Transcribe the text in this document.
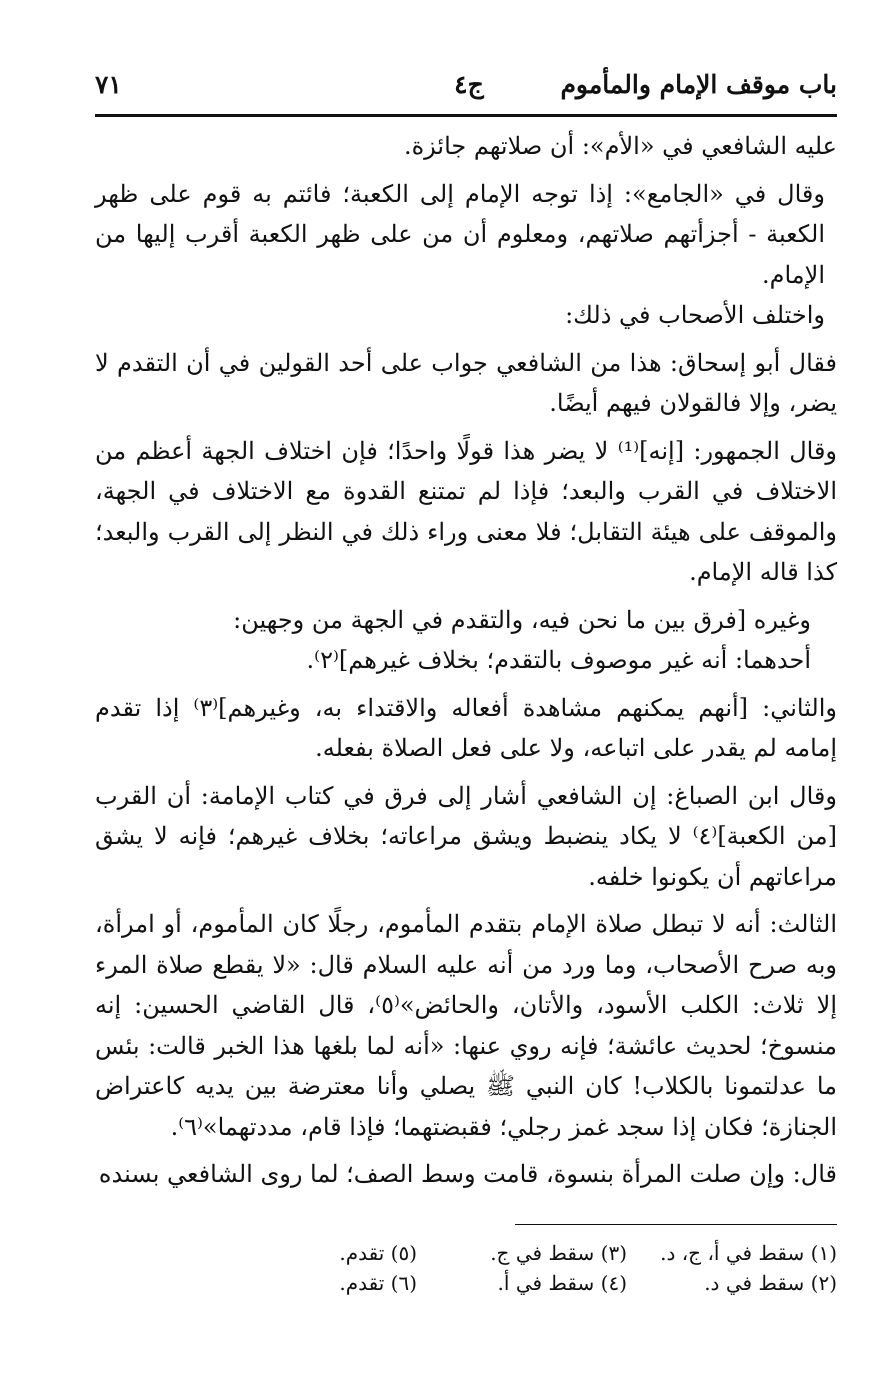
باب موقف الإمام والمأموم
ج٤
٧١

عليه الشافعي في «الأم»: أن صلاتهم جائزة.

وقال في «الجامع»: إذا توجه الإمام إلى الكعبة؛ فائتم به قوم على ظهر الكعبة - أجزأتهم صلاتهم، ومعلوم أن من على ظهر الكعبة أقرب إليها من الإمام.

واختلف الأصحاب في ذلك:

فقال أبو إسحاق: هذا من الشافعي جواب على أحد القولين في أن التقدم لا يضر، وإلا فالقولان فيهم أيضًا.

وقال الجمهور: [إنه]⁽¹⁾ لا يضر هذا قولًا واحدًا؛ فإن اختلاف الجهة أعظم من الاختلاف في القرب والبعد؛ فإذا لم تمتنع القدوة مع الاختلاف في الجهة، والموقف على هيئة التقابل؛ فلا معنى وراء ذلك في النظر إلى القرب والبعد؛ كذا قاله الإمام.

وغيره [فرق بين ما نحن فيه، والتقدم في الجهة من وجهين:

أحدهما: أنه غير موصوف بالتقدم؛ بخلاف غيرهم]⁽٢⁾.

والثاني: [أنهم يمكنهم مشاهدة أفعاله والاقتداء به، وغيرهم]⁽٣⁾ إذا تقدم إمامه لم يقدر على اتباعه، ولا على فعل الصلاة بفعله.

وقال ابن الصباغ: إن الشافعي أشار إلى فرق في كتاب الإمامة: أن القرب [من الكعبة]⁽٤⁾ لا يكاد ينضبط ويشق مراعاته؛ بخلاف غيرهم؛ فإنه لا يشق مراعاتهم أن يكونوا خلفه.

الثالث: أنه لا تبطل صلاة الإمام بتقدم المأموم، رجلًا كان المأموم، أو امرأة، وبه صرح الأصحاب، وما ورد من أنه عليه السلام قال: «لا يقطع صلاة المرء إلا ثلاث: الكلب الأسود، والأتان، والحائض»⁽٥⁾، قال القاضي الحسين: إنه منسوخ؛ لحديث عائشة؛ فإنه روي عنها: «أنه لما بلغها هذا الخبر قالت: بئس ما عدلتمونا بالكلاب! كان النبي ﷺ يصلي وأنا معترضة بين يديه كاعتراض الجنازة؛ فكان إذا سجد غمز رجلي؛ فقبضتهما؛ فإذا قام، مددتهما»⁽٦⁾.

قال: وإن صلت المرأة بنسوة، قامت وسط الصف؛ لما روى الشافعي بسنده

(١) سقط في أ، ج، د.
(٣) سقط في ج.
(٥) تقدم.
(٢) سقط في د.
(٤) سقط في أ.
(٦) تقدم.
